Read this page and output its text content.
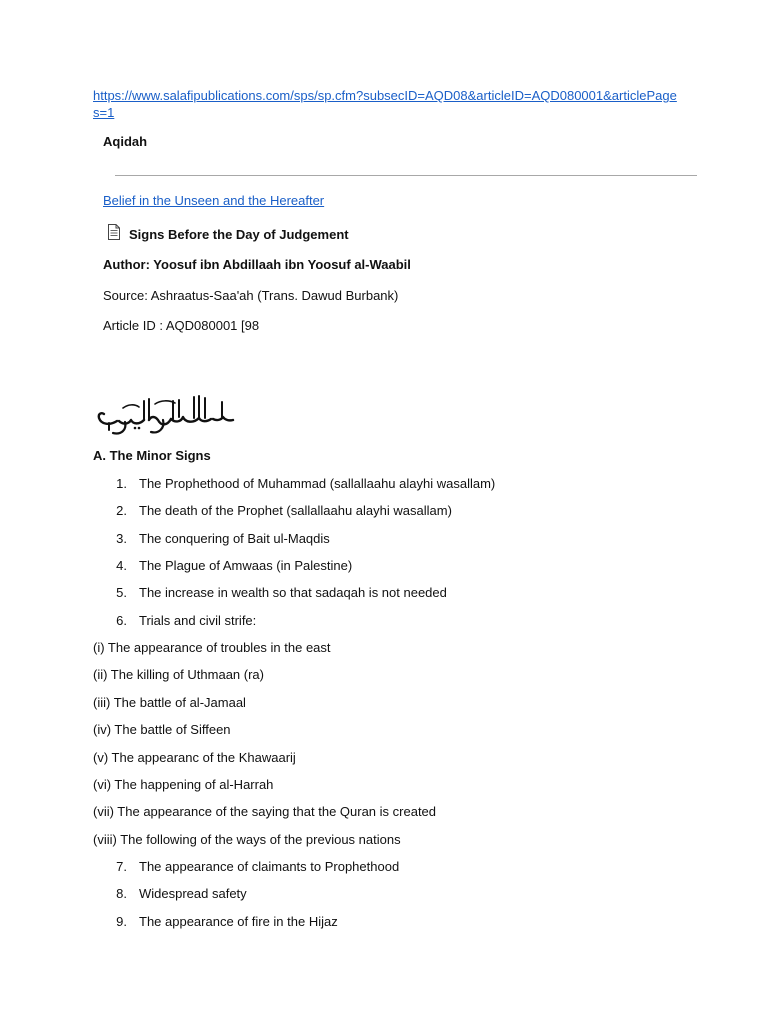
https://www.salafipublications.com/sps/sp.cfm?subsecID=AQD08&articleID=AQD080001&articlePages=1
Aqidah
Belief in the Unseen and the Hereafter
Signs Before the Day of Judgement
Author: Yoosuf ibn Abdillaah ibn Yoosuf al-Waabil
Source: Ashraatus-Saa'ah (Trans. Dawud Burbank)
Article ID : AQD080001 [98
A. The Minor Signs
1. The Prophethood of Muhammad (sallallaahu alayhi wasallam)
2. The death of the Prophet (sallallaahu alayhi wasallam)
3. The conquering of Bait ul-Maqdis
4. The Plague of Amwaas (in Palestine)
5. The increase in wealth so that sadaqah is not needed
6. Trials and civil strife:
(i) The appearance of troubles in the east
(ii) The killing of Uthmaan (ra)
(iii) The battle of al-Jamaal
(iv) The battle of Siffeen
(v) The appearanc of the Khawaarij
(vi) The happening of al-Harrah
(vii) The appearance of the saying that the Quran is created
(viii) The following of the ways of the previous nations
7. The appearance of claimants to Prophethood
8. Widespread safety
9. The appearance of fire in the Hijaz
